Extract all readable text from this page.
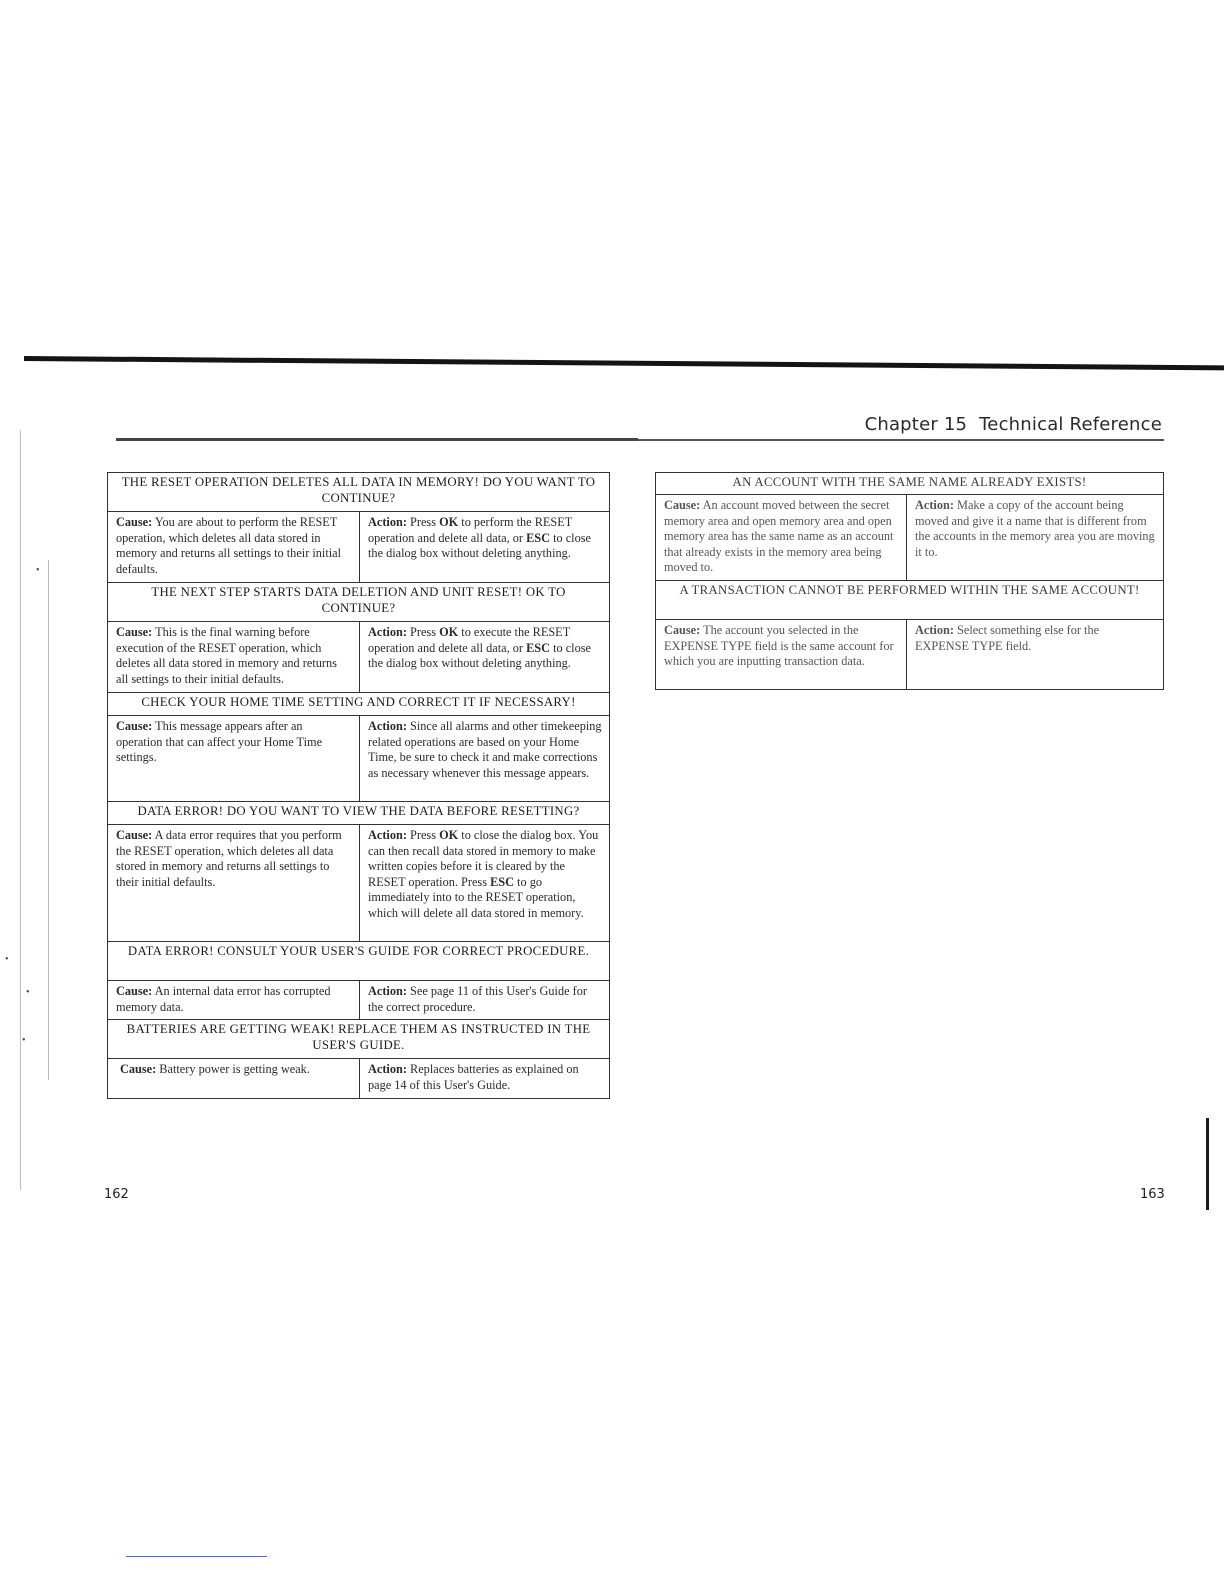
Chapter 15 Technical Reference
THE RESET OPERATION DELETES ALL DATA IN MEMORY! DO YOU WANT TO CONTINUE?	
Cause: You are about to perform the RESET operation, which deletes all data stored in memory and returns all settings to their initial defaults.	Action: Press OK to perform the RESET operation and delete all data, or ESC to close the dialog box without deleting anything.
THE NEXT STEP STARTS DATA DELETION AND UNIT RESET! OK TO CONTINUE?	
Cause: This is the final warning before execution of the RESET operation, which deletes all data stored in memory and returns all settings to their initial defaults.	Action: Press OK to execute the RESET operation and delete all data, or ESC to close the dialog box without deleting anything.
CHECK YOUR HOME TIME SETTING AND CORRECT IT IF NECESSARY!	
Cause: This message appears after an operation that can affect your Home Time settings.	Action: Since all alarms and other timekeeping related operations are based on your Home Time, be sure to check it and make corrections as necessary whenever this message appears.
DATA ERROR! DO YOU WANT TO VIEW THE DATA BEFORE RESETTING?	
Cause: A data error requires that you perform the RESET operation, which deletes all data stored in memory and returns all settings to their initial defaults.	Action: Press OK to close the dialog box. You can then recall data stored in memory to make written copies before it is cleared by the RESET operation. Press ESC to go immediately into to the RESET operation, which will delete all data stored in memory.
DATA ERROR! CONSULT YOUR USER'S GUIDE FOR CORRECT PROCEDURE.	
Cause: An internal data error has corrupted memory data.	Action: See page 11 of this User's Guide for the correct procedure.
BATTERIES ARE GETTING WEAK! REPLACE THEM AS INSTRUCTED IN THE USER'S GUIDE.	
Cause: Battery power is getting weak.	Action: Replaces batteries as explained on page 14 of this User's Guide.
AN ACCOUNT WITH THE SAME NAME ALREADY EXISTS!	
Cause: An account moved between the secret memory area and open memory area and open memory area has the same name as an account that already exists in the memory area being moved to.	Action: Make a copy of the account being moved and give it a name that is different from the accounts in the memory area you are moving it to.
A TRANSACTION CANNOT BE PERFORMED WITHIN THE SAME ACCOUNT!	
Cause: The account you selected in the EXPENSE TYPE field is the same account for which you are inputting transaction data.	Action: Select something else for the EXPENSE TYPE field.
162	163
•
•
•
•
